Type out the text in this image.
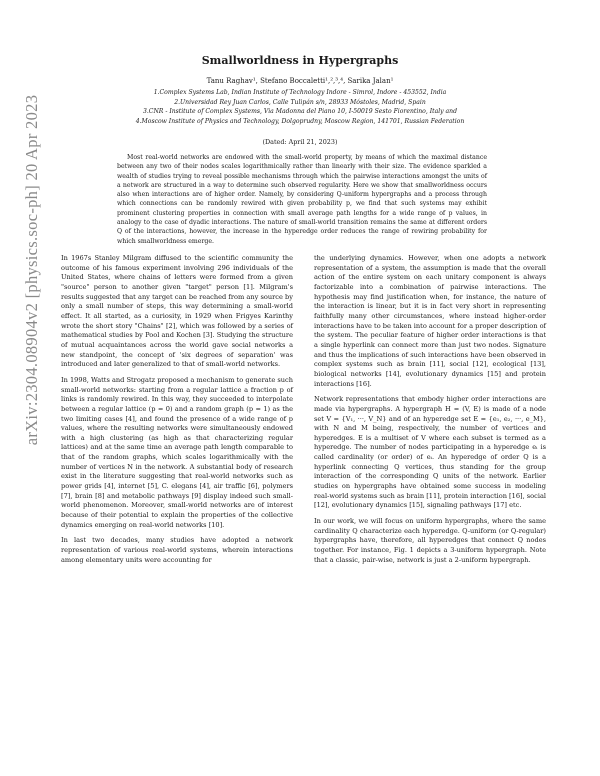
arXiv:2304.08904v2 [physics.soc-ph] 20 Apr 2023
Smallworldness in Hypergraphs
Tanu Raghav¹, Stefano Boccaletti¹,²,³,⁴, Sarika Jalan¹
1.Complex Systems Lab, Indian Institute of Technology Indore - Simrol, Indore - 453552, India
2.Universidad Rey Juan Carlos, Calle Tulipán s/n, 28933 Móstoles, Madrid, Spain
3.CNR - Institute of Complex Systems, Via Madonna del Piano 10, I-50019 Sesto Fiorentino, Italy and
4.Moscow Institute of Physics and Technology, Dolgoprudny, Moscow Region, 141701, Russian Federation
(Dated: April 21, 2023)
Most real-world networks are endowed with the small-world property, by means of which the maximal distance between any two of their nodes scales logarithmically rather than linearly with their size. The evidence sparkled a wealth of studies trying to reveal possible mechanisms through which the pairwise interactions amongst the units of a network are structured in a way to determine such observed regularity. Here we show that smallworldness occurs also when interactions are of higher order. Namely, by considering Q-uniform hypergraphs and a process through which connections can be randomly rewired with given probability p, we find that such systems may exhibit prominent clustering properties in connection with small average path lengths for a wide range of p values, in analogy to the case of dyadic interactions. The nature of small-world transition remains the same at different orders Q of the interactions, however, the increase in the hyperedge order reduces the range of rewiring probability for which smallworldness emerge.

In 1967s Stanley Milgram diffused to the scientific community the outcome of his famous experiment involving 296 individuals of the United States, where chains of letters were formed from a given "source" person to another given "target" person [1]. Milgram's results suggested that any target can be reached from any source by only a small number of steps, this way determining a small-world effect. It all started, as a curiosity, in 1929 when Frigyes Karinthy wrote the short story "Chains" [2], which was followed by a series of mathematical studies by Pool and Kochen [3]. Studying the structure of mutual acquaintances across the world gave social networks a new standpoint, the concept of 'six degrees of separation' was introduced and later generalized to that of small-world networks.

In 1998, Watts and Strogatz proposed a mechanism to generate such small-world networks: starting from a regular lattice a fraction p of links is randomly rewired. In this way, they succeeded to interpolate between a regular lattice (p = 0) and a random graph (p = 1) as the two limiting cases [4], and found the presence of a wide range of p values, where the resulting networks were simultaneously endowed with a high clustering (as high as that characterizing regular lattices) and at the same time an average path length comparable to that of the random graphs, which scales logarithmically with the number of vertices N in the network. A substantial body of research exist in the literature suggesting that real-world networks such as power grids [4], internet [5], C. elegans [4], air traffic [6], polymers [7], brain [8] and metabolic pathways [9] display indeed such small-world phenomenon. Moreover, small-world networks are of interest because of their potential to explain the properties of the collective dynamics emerging on real-world networks [10].

In last two decades, many studies have adopted a network representation of various real-world systems, wherein interactions among elementary units were accounting for

the underlying dynamics. However, when one adopts a network representation of a system, the assumption is made that the overall action of the entire system on each unitary component is always factorizable into a combination of pairwise interactions. The hypothesis may find justification when, for instance, the nature of the interaction is linear, but it is in fact very short in representing faithfully many other circumstances, where instead higher-order interactions have to be taken into account for a proper description of the system. The peculiar feature of higher order interactions is that a single hyperlink can connect more than just two nodes. Signature and thus the implications of such interactions have been observed in complex systems such as brain [11], social [12], ecological [13], biological networks [14], evolutionary dynamics [15] and protein interactions [16].

Network representations that embody higher order interactions are made via hypergraphs. A hypergraph H = (V, E) is made of a node set V = {V₁, ···, V_N} and of an hyperedge set E = {e₁, e₂, ···, e_M}, with N and M being, respectively, the number of vertices and hyperedges. E is a multiset of V where each subset is termed as a hyperedge. The number of nodes participating in a hyperedge eᵢ is called cardinality (or order) of eᵢ. An hyperedge of order Q is a hyperlink connecting Q vertices, thus standing for the group interaction of the corresponding Q units of the network. Earlier studies on hypergraphs have obtained some success in modeling real-world systems such as brain [11], protein interaction [16], social [12], evolutionary dynamics [15], signaling pathways [17] etc.

In our work, we will focus on uniform hypergraphs, where the same cardinality Q characterize each hyperedge. Q-uniform (or Q-regular) hypergraphs have, therefore, all hyperedges that connect Q nodes together. For instance, Fig. 1 depicts a 3-uniform hypergraph. Note that a classic, pair-wise, network is just a 2-uniform hypergraph.
